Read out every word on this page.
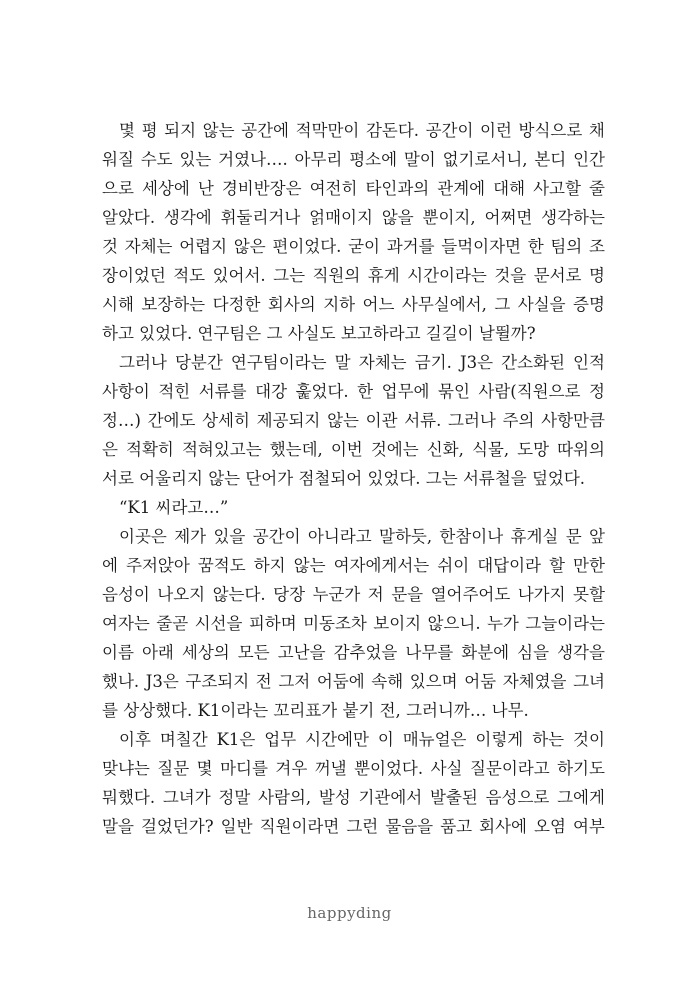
몇 평 되지 않는 공간에 적막만이 감돈다. 공간이 이런 방식으로 채
워질 수도 있는 거였나…. 아무리 평소에 말이 없기로서니, 본디 인간
으로 세상에 난 경비반장은 여전히 타인과의 관계에 대해 사고할 줄
알았다. 생각에 휘둘리거나 얽매이지 않을 뿐이지, 어쩌면 생각하는
것 자체는 어렵지 않은 편이었다. 굳이 과거를 들먹이자면 한 팀의 조
장이었던 적도 있어서. 그는 직원의 휴게 시간이라는 것을 문서로 명
시해 보장하는 다정한 회사의 지하 어느 사무실에서, 그 사실을 증명
하고 있었다. 연구팀은 그 사실도 보고하라고 길길이 날뛸까?
그러나 당분간 연구팀이라는 말 자체는 금기. J3은 간소화된 인적
사항이 적힌 서류를 대강 훑었다. 한 업무에 묶인 사람(직원으로 정
정…) 간에도 상세히 제공되지 않는 이관 서류. 그러나 주의 사항만큼
은 적확히 적혀있고는 했는데, 이번 것에는 신화, 식물, 도망 따위의
서로 어울리지 않는 단어가 점철되어 있었다. 그는 서류철을 덮었다.
“K1 씨라고…”
이곳은 제가 있을 공간이 아니라고 말하듯, 한참이나 휴게실 문 앞
에 주저앉아 꿈적도 하지 않는 여자에게서는 쉬이 대답이라 할 만한
음성이 나오지 않는다. 당장 누군가 저 문을 열어주어도 나가지 못할
여자는 줄곧 시선을 피하며 미동조차 보이지 않으니. 누가 그늘이라는
이름 아래 세상의 모든 고난을 감추었을 나무를 화분에 심을 생각을
했나. J3은 구조되지 전 그저 어둠에 속해 있으며 어둠 자체였을 그녀
를 상상했다. K1이라는 꼬리표가 붙기 전, 그러니까… 나무.
이후 며칠간 K1은 업무 시간에만 이 매뉴얼은 이렇게 하는 것이
맞냐는 질문 몇 마디를 겨우 꺼낼 뿐이었다. 사실 질문이라고 하기도
뭐했다. 그녀가 정말 사람의, 발성 기관에서 발출된 음성으로 그에게
말을 걸었던가? 일반 직원이라면 그런 물음을 품고 회사에 오염 여부
happyding
